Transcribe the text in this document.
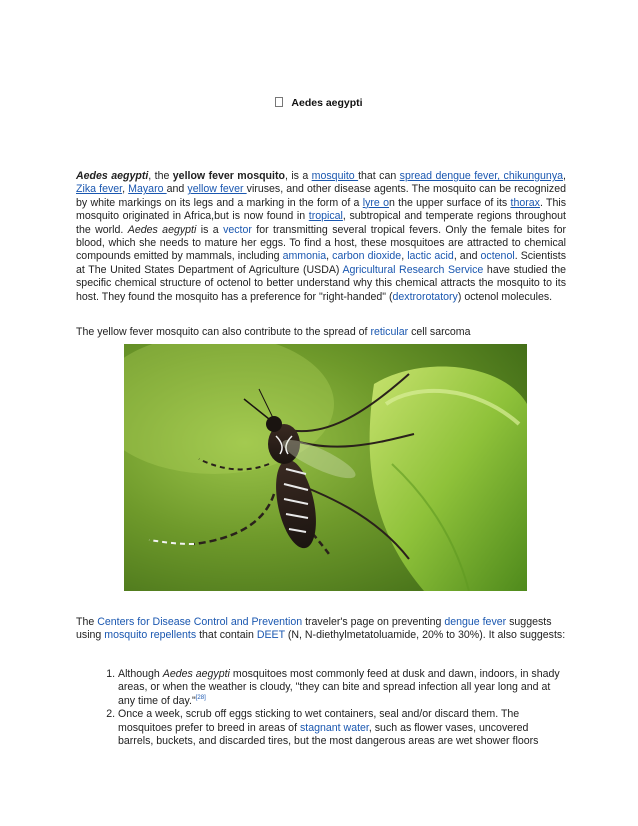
Aedes aegypti

Aedes aegypti, the yellow fever mosquito, is a mosquito that can spread dengue fever, chikungunya, Zika fever, Mayaro and yellow fever viruses, and other disease agents. The mosquito can be recognized by white markings on its legs and a marking in the form of a lyre on the upper surface of its thorax. This mosquito originated in Africa,but is now found in tropical, subtropical and temperate regions throughout the world. Aedes aegypti is a vector for transmitting several tropical fevers. Only the female bites for blood, which she needs to mature her eggs. To find a host, these mosquitoes are attracted to chemical compounds emitted by mammals, including ammonia, carbon dioxide, lactic acid, and octenol. Scientists at The United States Department of Agriculture (USDA) Agricultural Research Service have studied the specific chemical structure of octenol to better understand why this chemical attracts the mosquito to its host. They found the mosquito has a preference for "right-handed" (dextrorotatory) octenol molecules.

The yellow fever mosquito can also contribute to the spread of reticular cell sarcoma

The Centers for Disease Control and Prevention traveler's page on preventing dengue fever suggests using mosquito repellents that contain DEET (N, N-diethylmetatoluamide, 20% to 30%). It also suggests:

1. Although Aedes aegypti mosquitoes most commonly feed at dusk and dawn, indoors, in shady areas, or when the weather is cloudy, "they can bite and spread infection all year long and at any time of day."[28]
2. Once a week, scrub off eggs sticking to wet containers, seal and/or discard them. The mosquitoes prefer to breed in areas of stagnant water, such as flower vases, uncovered barrels, buckets, and discarded tires, but the most dangerous areas are wet shower floors
